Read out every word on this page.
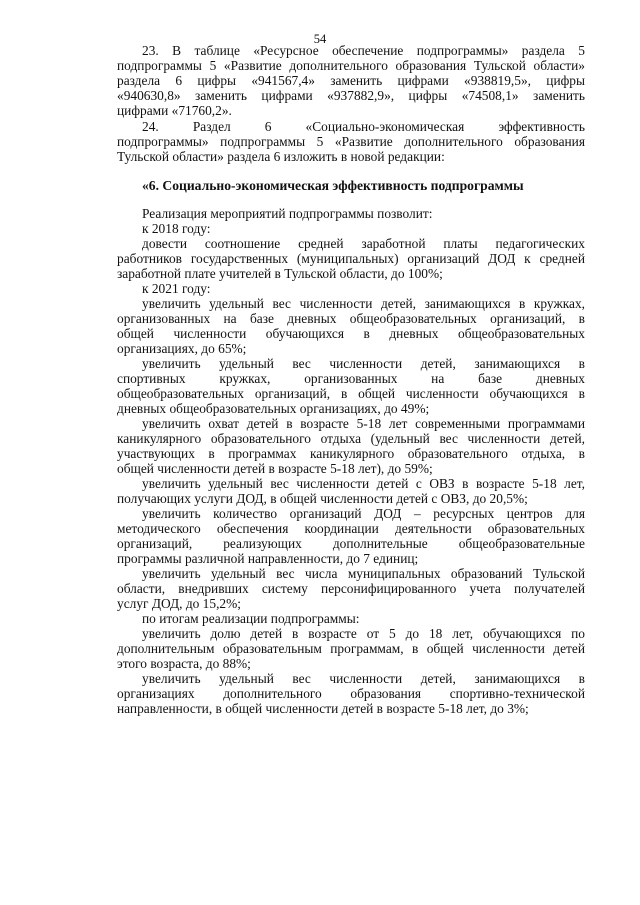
54
23. В таблице «Ресурсное обеспечение подпрограммы» раздела 5
подпрограммы 5 «Развитие дополнительного образования Тульской области»
раздела 6 цифры «941567,4» заменить цифрами «938819,5», цифры
«940630,8» заменить цифрами «937882,9», цифры «74508,1» заменить
цифрами «71760,2».
24. Раздел 6 «Социально-экономическая эффективность
подпрограммы» подпрограммы 5 «Развитие дополнительного образования
Тульской области» раздела 6 изложить в новой редакции:
«6. Социально-экономическая эффективность подпрограммы
Реализация мероприятий подпрограммы позволит:
к 2018 году:
довести соотношение средней заработной платы педагогических
работников государственных (муниципальных) организаций ДОД к средней
заработной плате учителей в Тульской области, до 100%;
к 2021 году:
увеличить удельный вес численности детей, занимающихся в кружках,
организованных на базе дневных общеобразовательных организаций, в
общей численности обучающихся в дневных общеобразовательных
организациях, до 65%;
увеличить удельный вес численности детей, занимающихся в
спортивных кружках, организованных на базе дневных
общеобразовательных организаций, в общей численности обучающихся в
дневных общеобразовательных организациях, до 49%;
увеличить охват детей в возрасте 5-18 лет современными программами
каникулярного образовательного отдыха (удельный вес численности детей,
участвующих в программах каникулярного образовательного отдыха, в
общей численности детей в возрасте 5-18 лет), до 59%;
увеличить удельный вес численности детей с ОВЗ в возрасте 5-18 лет,
получающих услуги ДОД, в общей численности детей с ОВЗ, до 20,5%;
увеличить количество организаций ДОД – ресурсных центров для
методического обеспечения координации деятельности образовательных
организаций, реализующих дополнительные общеобразовательные
программы различной направленности, до 7 единиц;
увеличить удельный вес числа муниципальных образований Тульской
области, внедривших систему персонифицированного учета получателей
услуг ДОД, до 15,2%;
по итогам реализации подпрограммы:
увеличить долю детей в возрасте от 5 до 18 лет, обучающихся по
дополнительным образовательным программам, в общей численности детей
этого возраста, до 88%;
увеличить удельный вес численности детей, занимающихся в
организациях дополнительного образования спортивно-технической
направленности, в общей численности детей в возрасте 5-18 лет, до 3%;
